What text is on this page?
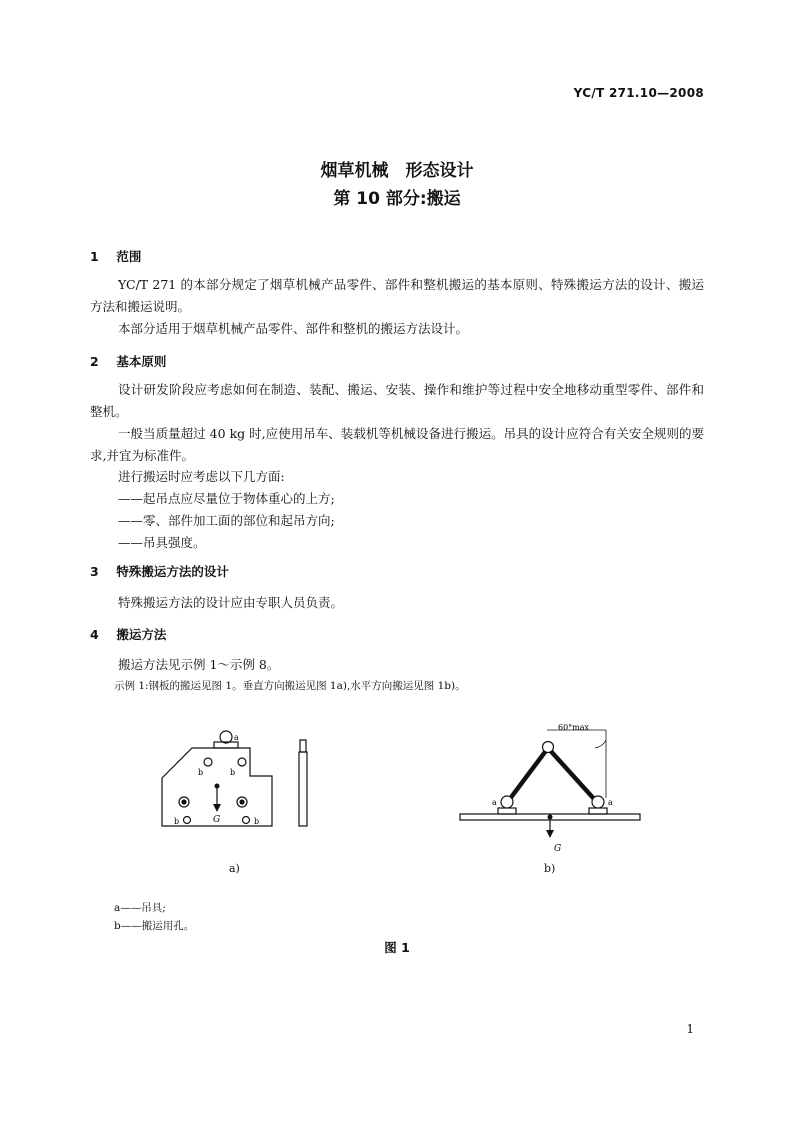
YC/T 271.10—2008
烟草机械　形态设计
第 10 部分:搬运
1 范围
YC/T 271 的本部分规定了烟草机械产品零件、部件和整机搬运的基本原则、特殊搬运方法的设计、搬运方法和搬运说明。
本部分适用于烟草机械产品零件、部件和整机的搬运方法设计。
2 基本原则
设计研发阶段应考虑如何在制造、装配、搬运、安装、操作和维护等过程中安全地移动重型零件、部件和整机。
一般当质量超过 40 kg 时,应使用吊车、装载机等机械设备进行搬运。吊具的设计应符合有关安全规则的要求,并宜为标准件。
进行搬运时应考虑以下几方面:
——起吊点应尽量位于物体重心的上方;
——零、部件加工面的部位和起吊方向;
——吊具强度。
3 特殊搬运方法的设计
特殊搬运方法的设计应由专职人员负责。
4 搬运方法
搬运方法见示例 1～示例 8。
示例 1:钢板的搬运见图 1。垂直方向搬运见图 1a),水平方向搬运见图 1b)。
a
b	b
b	b
G
60°max
a	a
G
a)	b)
a——吊具;
b——搬运用孔。
图 1
1
